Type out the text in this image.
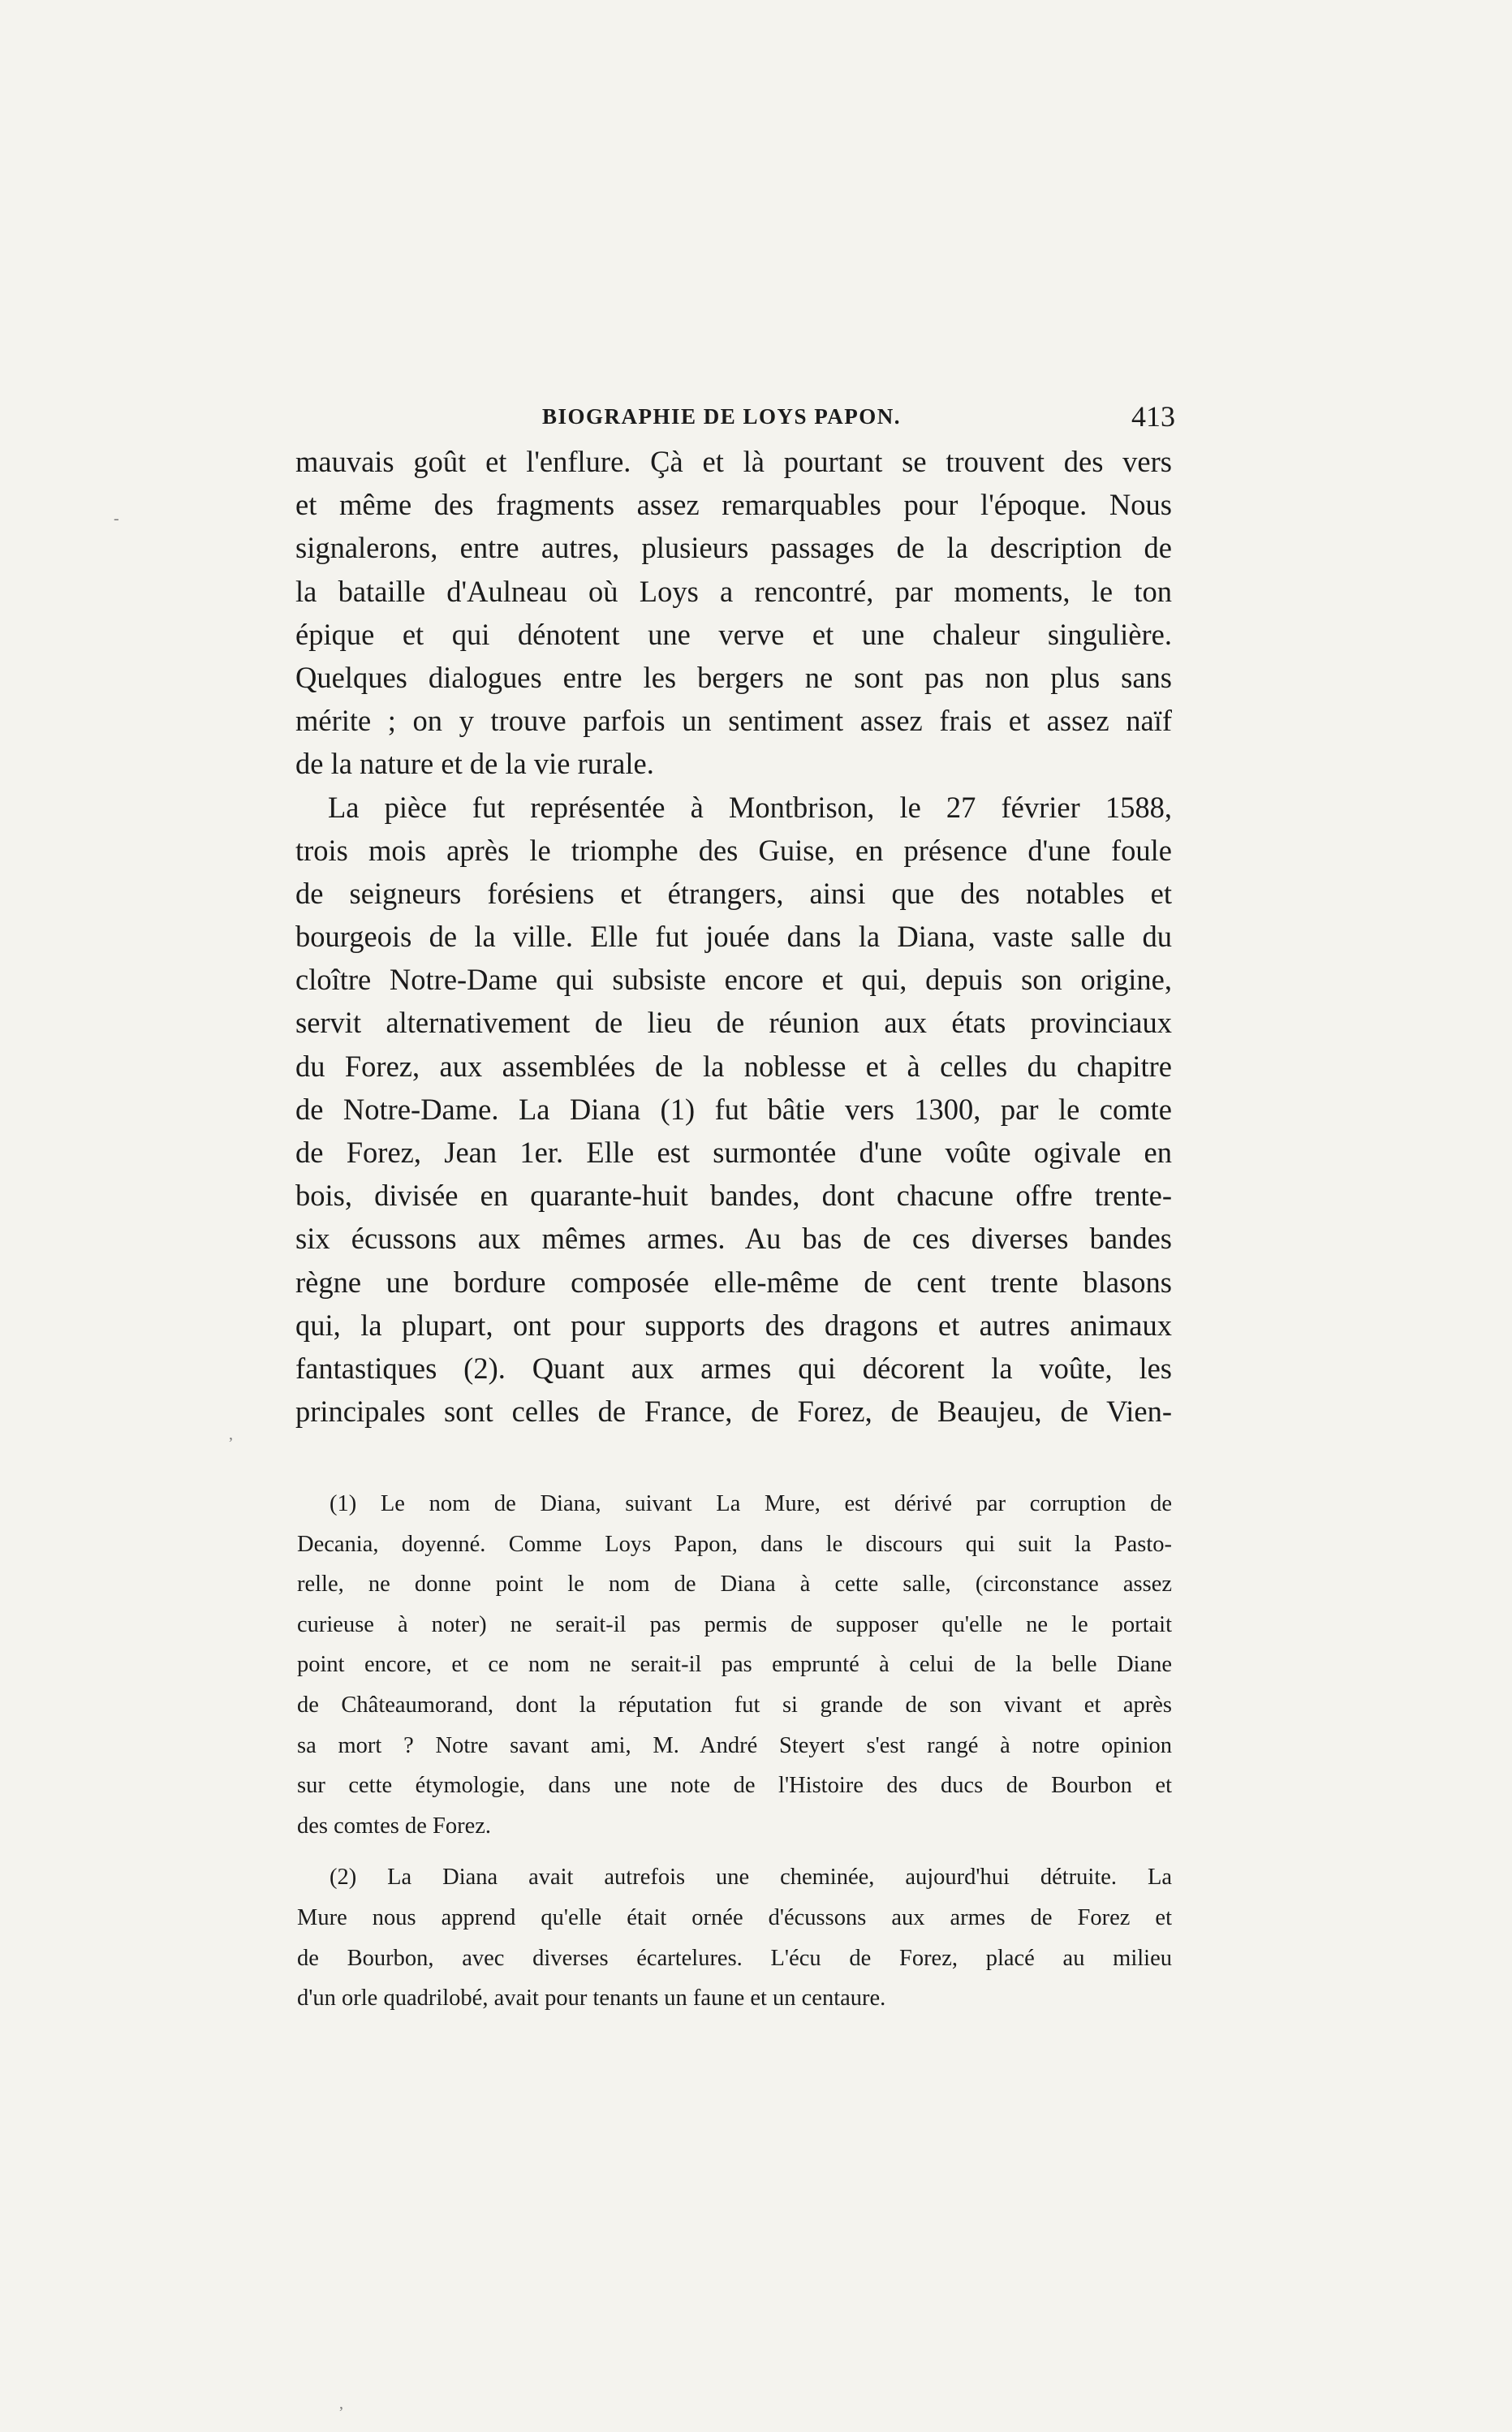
BIOGRAPHIE DE LOYS PAPON.	413
mauvais goût et l'enflure. Çà et là pourtant se trouvent des vers
et même des fragments assez remarquables pour l'époque. Nous
signalerons, entre autres, plusieurs passages de la description de
la bataille d'Aulneau où Loys a rencontré, par moments, le ton
épique et qui dénotent une verve et une chaleur singulière.
Quelques dialogues entre les bergers ne sont pas non plus sans
mérite ; on y trouve parfois un sentiment assez frais et assez naïf
de la nature et de la vie rurale.
La pièce fut représentée à Montbrison, le 27 février 1588,
trois mois après le triomphe des Guise, en présence d'une foule
de seigneurs forésiens et étrangers, ainsi que des notables et
bourgeois de la ville. Elle fut jouée dans la Diana, vaste salle du
cloître Notre-Dame qui subsiste encore et qui, depuis son origine,
servit alternativement de lieu de réunion aux états provinciaux
du Forez, aux assemblées de la noblesse et à celles du chapitre
de Notre-Dame. La Diana (1) fut bâtie vers 1300, par le comte
de Forez, Jean 1er. Elle est surmontée d'une voûte ogivale en
bois, divisée en quarante-huit bandes, dont chacune offre trente-
six écussons aux mêmes armes. Au bas de ces diverses bandes
règne une bordure composée elle-même de cent trente blasons
qui, la plupart, ont pour supports des dragons et autres animaux
fantastiques (2). Quant aux armes qui décorent la voûte, les
principales sont celles de France, de Forez, de Beaujeu, de Vien-
(1) Le nom de Diana, suivant La Mure, est dérivé par corruption de
Decania, doyenné. Comme Loys Papon, dans le discours qui suit la Pasto-
relle, ne donne point le nom de Diana à cette salle, (circonstance assez
curieuse à noter) ne serait-il pas permis de supposer qu'elle ne le portait
point encore, et ce nom ne serait-il pas emprunté à celui de la belle Diane
de Châteaumorand, dont la réputation fut si grande de son vivant et après
sa mort ? Notre savant ami, M. André Steyert s'est rangé à notre opinion
sur cette étymologie, dans une note de l'Histoire des ducs de Bourbon et
des comtes de Forez.
(2) La Diana avait autrefois une cheminée, aujourd'hui détruite. La
Mure nous apprend qu'elle était ornée d'écussons aux armes de Forez et
de Bourbon, avec diverses écartelures. L'écu de Forez, placé au milieu
d'un orle quadrilobé, avait pour tenants un faune et un centaure.
-
,
,
